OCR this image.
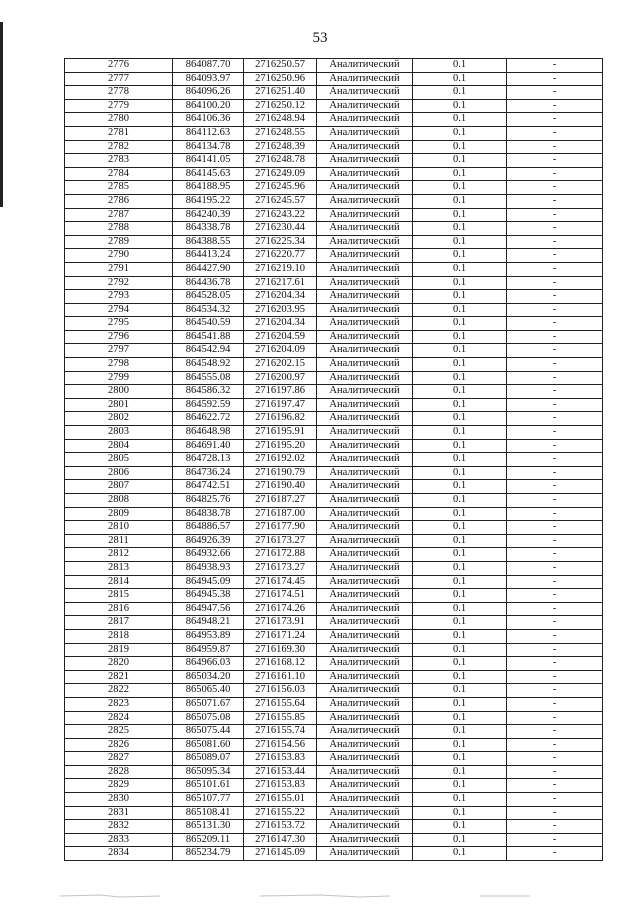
53
2776	864087.70	2716250.57	Аналитический	0.1	-
2777	864093.97	2716250.96	Аналитический	0.1	-
2778	864096.26	2716251.40	Аналитический	0.1	-
2779	864100.20	2716250.12	Аналитический	0.1	-
2780	864106.36	2716248.94	Аналитический	0.1	-
2781	864112.63	2716248.55	Аналитический	0.1	-
2782	864134.78	2716248.39	Аналитический	0.1	-
2783	864141.05	2716248.78	Аналитический	0.1	-
2784	864145.63	2716249.09	Аналитический	0.1	-
2785	864188.95	2716245.96	Аналитический	0.1	-
2786	864195.22	2716245.57	Аналитический	0.1	-
2787	864240.39	2716243.22	Аналитический	0.1	-
2788	864338.78	2716230.44	Аналитический	0.1	-
2789	864388.55	2716225.34	Аналитический	0.1	-
2790	864413.24	2716220.77	Аналитический	0.1	-
2791	864427.90	2716219.10	Аналитический	0.1	-
2792	864436.78	2716217.61	Аналитический	0.1	-
2793	864528.05	2716204.34	Аналитический	0.1	-
2794	864534.32	2716203.95	Аналитический	0.1	-
2795	864540.59	2716204.34	Аналитический	0.1	-
2796	864541.88	2716204.59	Аналитический	0.1	-
2797	864542.94	2716204.09	Аналитический	0.1	-
2798	864548.92	2716202.15	Аналитический	0.1	-
2799	864555.08	2716200.97	Аналитический	0.1	-
2800	864586.32	2716197.86	Аналитический	0.1	-
2801	864592.59	2716197.47	Аналитический	0.1	-
2802	864622.72	2716196.82	Аналитический	0.1	-
2803	864648.98	2716195.91	Аналитический	0.1	-
2804	864691.40	2716195.20	Аналитический	0.1	-
2805	864728.13	2716192.02	Аналитический	0.1	-
2806	864736.24	2716190.79	Аналитический	0.1	-
2807	864742.51	2716190.40	Аналитический	0.1	-
2808	864825.76	2716187.27	Аналитический	0.1	-
2809	864838.78	2716187.00	Аналитический	0.1	-
2810	864886.57	2716177.90	Аналитический	0.1	-
2811	864926.39	2716173.27	Аналитический	0.1	-
2812	864932.66	2716172.88	Аналитический	0.1	-
2813	864938.93	2716173.27	Аналитический	0.1	-
2814	864945.09	2716174.45	Аналитический	0.1	-
2815	864945.38	2716174.51	Аналитический	0.1	-
2816	864947.56	2716174.26	Аналитический	0.1	-
2817	864948.21	2716173.91	Аналитический	0.1	-
2818	864953.89	2716171.24	Аналитический	0.1	-
2819	864959.87	2716169.30	Аналитический	0.1	-
2820	864966.03	2716168.12	Аналитический	0.1	-
2821	865034.20	2716161.10	Аналитический	0.1	-
2822	865065.40	2716156.03	Аналитический	0.1	-
2823	865071.67	2716155.64	Аналитический	0.1	-
2824	865075.08	2716155.85	Аналитический	0.1	-
2825	865075.44	2716155.74	Аналитический	0.1	-
2826	865081.60	2716154.56	Аналитический	0.1	-
2827	865089.07	2716153.83	Аналитический	0.1	-
2828	865095.34	2716153.44	Аналитический	0.1	-
2829	865101.61	2716153.83	Аналитический	0.1	-
2830	865107.77	2716155.01	Аналитический	0.1	-
2831	865108.41	2716155.22	Аналитический	0.1	-
2832	865131.30	2716153.72	Аналитический	0.1	-
2833	865209.11	2716147.30	Аналитический	0.1	-
2834	865234.79	2716145.09	Аналитический	0.1	-
